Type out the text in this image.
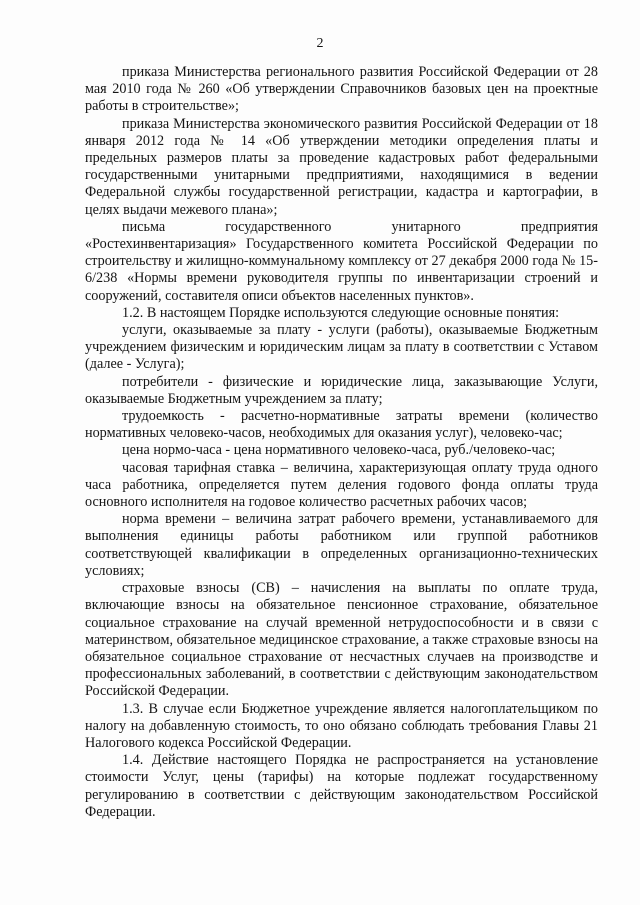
2

приказа Министерства регионального развития Российской Федерации от 28 мая 2010 года № 260 «Об утверждении Справочников базовых цен на проектные работы в строительстве»;

приказа Министерства экономического развития Российской Федерации от 18 января 2012 года № 14 «Об утверждении методики определения платы и предельных размеров платы за проведение кадастровых работ федеральными государственными унитарными предприятиями, находящимися в ведении Федеральной службы государственной регистрации, кадастра и картографии, в целях выдачи межевого плана»;

письма государственного унитарного предприятия

«Ростехинвентаризация» Государственного комитета Российской Федерации по строительству и жилищно-коммунальному комплексу от 27 декабря 2000 года № 15-6/238 «Нормы времени руководителя группы по инвентаризации строений и сооружений, составителя описи объектов населенных пунктов».

1.2. В настоящем Порядке используются следующие основные понятия:

услуги, оказываемые за плату - услуги (работы), оказываемые Бюджетным учреждением физическим и юридическим лицам за плату в соответствии с Уставом (далее - Услуга);

потребители - физические и юридические лица, заказывающие Услуги, оказываемые Бюджетным учреждением за плату;

трудоемкость - расчетно-нормативные затраты времени (количество нормативных человеко-часов, необходимых для оказания услуг), человеко-час;

цена нормо-часа - цена нормативного человеко-часа, руб./человеко-час;

часовая тарифная ставка – величина, характеризующая оплату труда одного часа работника, определяется путем деления годового фонда оплаты труда основного исполнителя на годовое количество расчетных рабочих часов;

норма времени – величина затрат рабочего времени, устанавливаемого для выполнения единицы работы работником или группой работников соответствующей квалификации в определенных организационно-технических условиях;

страховые взносы (СВ) – начисления на выплаты по оплате труда, включающие взносы на обязательное пенсионное страхование, обязательное социальное страхование на случай временной нетрудоспособности и в связи с материнством, обязательное медицинское страхование, а также страховые взносы на обязательное социальное страхование от несчастных случаев на производстве и профессиональных заболеваний, в соответствии с действующим законодательством Российской Федерации.

1.3. В случае если Бюджетное учреждение является налогоплательщиком по налогу на добавленную стоимость, то оно обязано соблюдать требования Главы 21 Налогового кодекса Российской Федерации.

1.4. Действие настоящего Порядка не распространяется на установление стоимости Услуг, цены (тарифы) на которые подлежат государственному регулированию в соответствии с действующим законодательством Российской Федерации.
